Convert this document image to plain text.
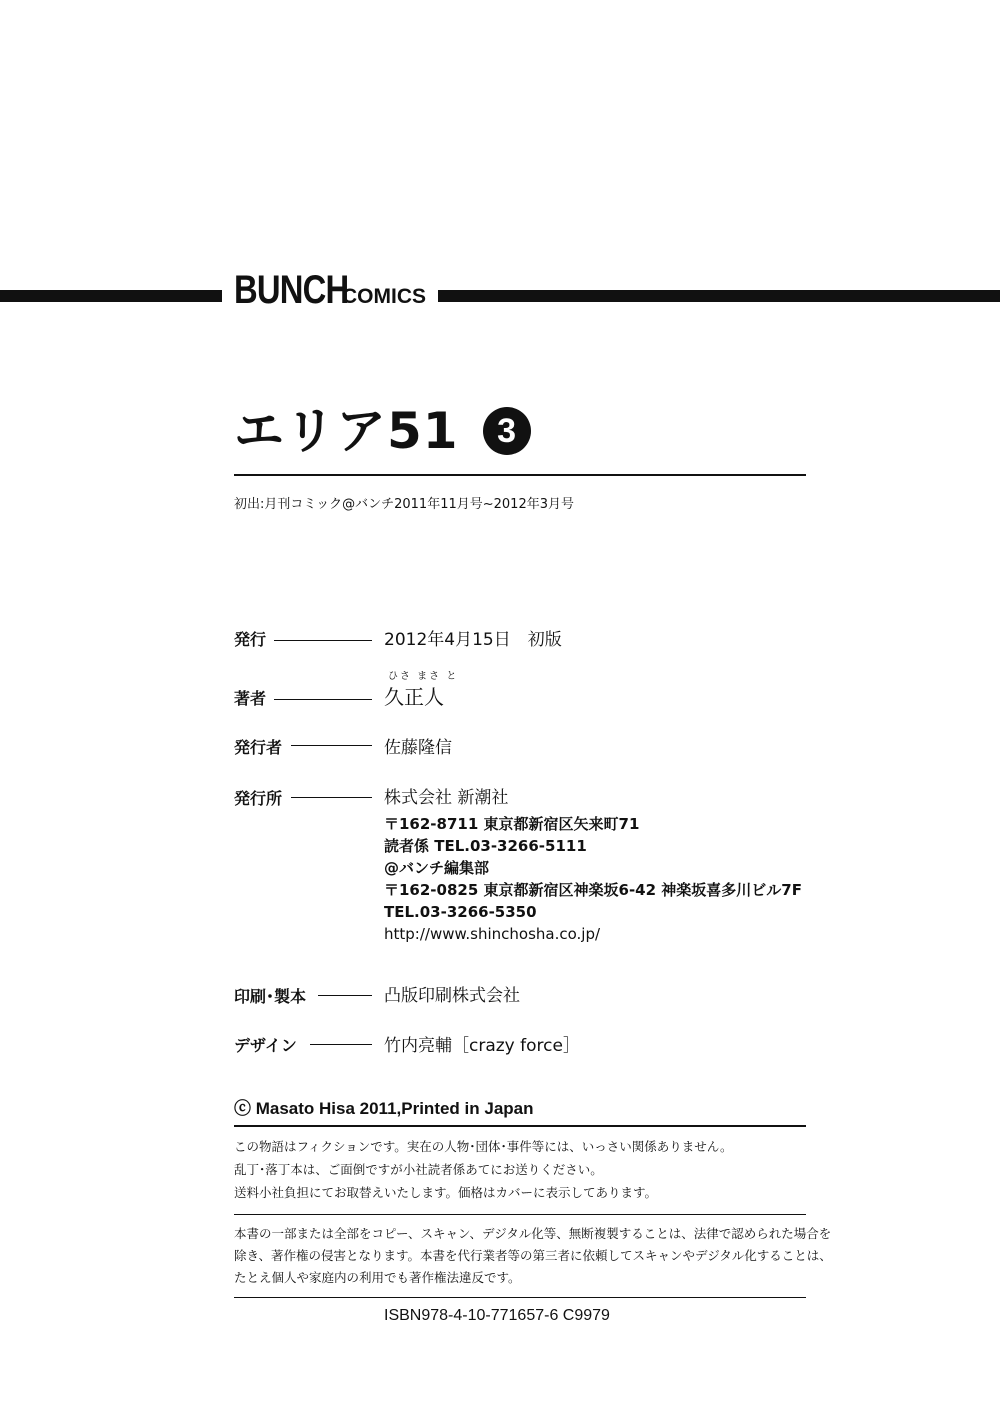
BUNCH
COMICS
エリア51	3
初出:月刊コミック@バンチ2011年11月号~2012年3月号
発行	2012年4月15日　初版
ひさ まさ と
著者	久正人
発行者	佐藤隆信
発行所	株式会社 新潮社
〒162-8711 東京都新宿区矢来町71
読者係 TEL.03-3266-5111
@バンチ編集部
〒162-0825 東京都新宿区神楽坂6-42 神楽坂喜多川ビル7F
TEL.03-3266-5350
http://www.shinchosha.co.jp/
印刷･製本	凸版印刷株式会社
デザイン	竹内亮輔［crazy force］
ⓒ Masato Hisa 2011,Printed in Japan
この物語はフィクションです。実在の人物･団体･事件等には、いっさい関係ありません。
乱丁･落丁本は、ご面倒ですが小社読者係あてにお送りください。
送料小社負担にてお取替えいたします。価格はカバーに表示してあります。
本書の一部または全部をコピー、スキャン、デジタル化等、無断複製することは、法律で認められた場合を
除き、著作権の侵害となります。本書を代行業者等の第三者に依頼してスキャンやデジタル化することは、
たとえ個人や家庭内の利用でも著作権法違反です。
ISBN978-4-10-771657-6 C9979
